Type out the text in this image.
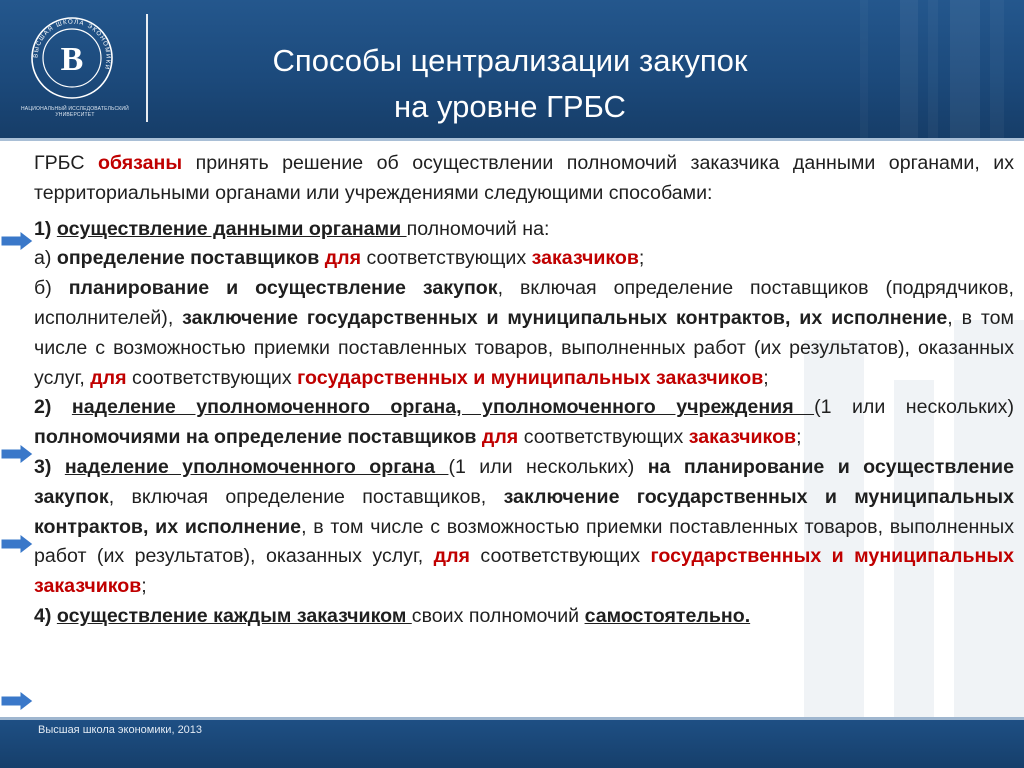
ВЫСШАЯ ШКОЛА ЭКОНОМИКИ
В
НАЦИОНАЛЬНЫЙ ИССЛЕДОВАТЕЛЬСКИЙ УНИВЕРСИТЕТ
Способы централизации закупок
на уровне ГРБС

ГРБС обязаны принять решение об осуществлении полномочий заказчика данными органами, их территориальными органами или учреждениями следующими способами:

1) осуществление данными органами полномочий на:

а) определение поставщиков для соответствующих заказчиков;

б) планирование и осуществление закупок, включая определение поставщиков (подрядчиков, исполнителей), заключение государственных и муниципальных контрактов, их исполнение, в том числе с возможностью приемки поставленных товаров, выполненных работ (их результатов), оказанных услуг, для соответствующих государственных и муниципальных заказчиков;

2) наделение уполномоченного органа, уполномоченного учреждения (1 или нескольких) полномочиями на определение поставщиков для соответствующих заказчиков;

3) наделение уполномоченного органа (1 или нескольких) на планирование и осуществление закупок, включая определение поставщиков, заключение государственных и муниципальных контрактов, их исполнение, в том числе с возможностью приемки поставленных товаров, выполненных работ (их результатов), оказанных услуг, для соответствующих государственных и муниципальных заказчиков;

4) осуществление каждым заказчиком своих полномочий самостоятельно.

Высшая школа экономики, 2013
